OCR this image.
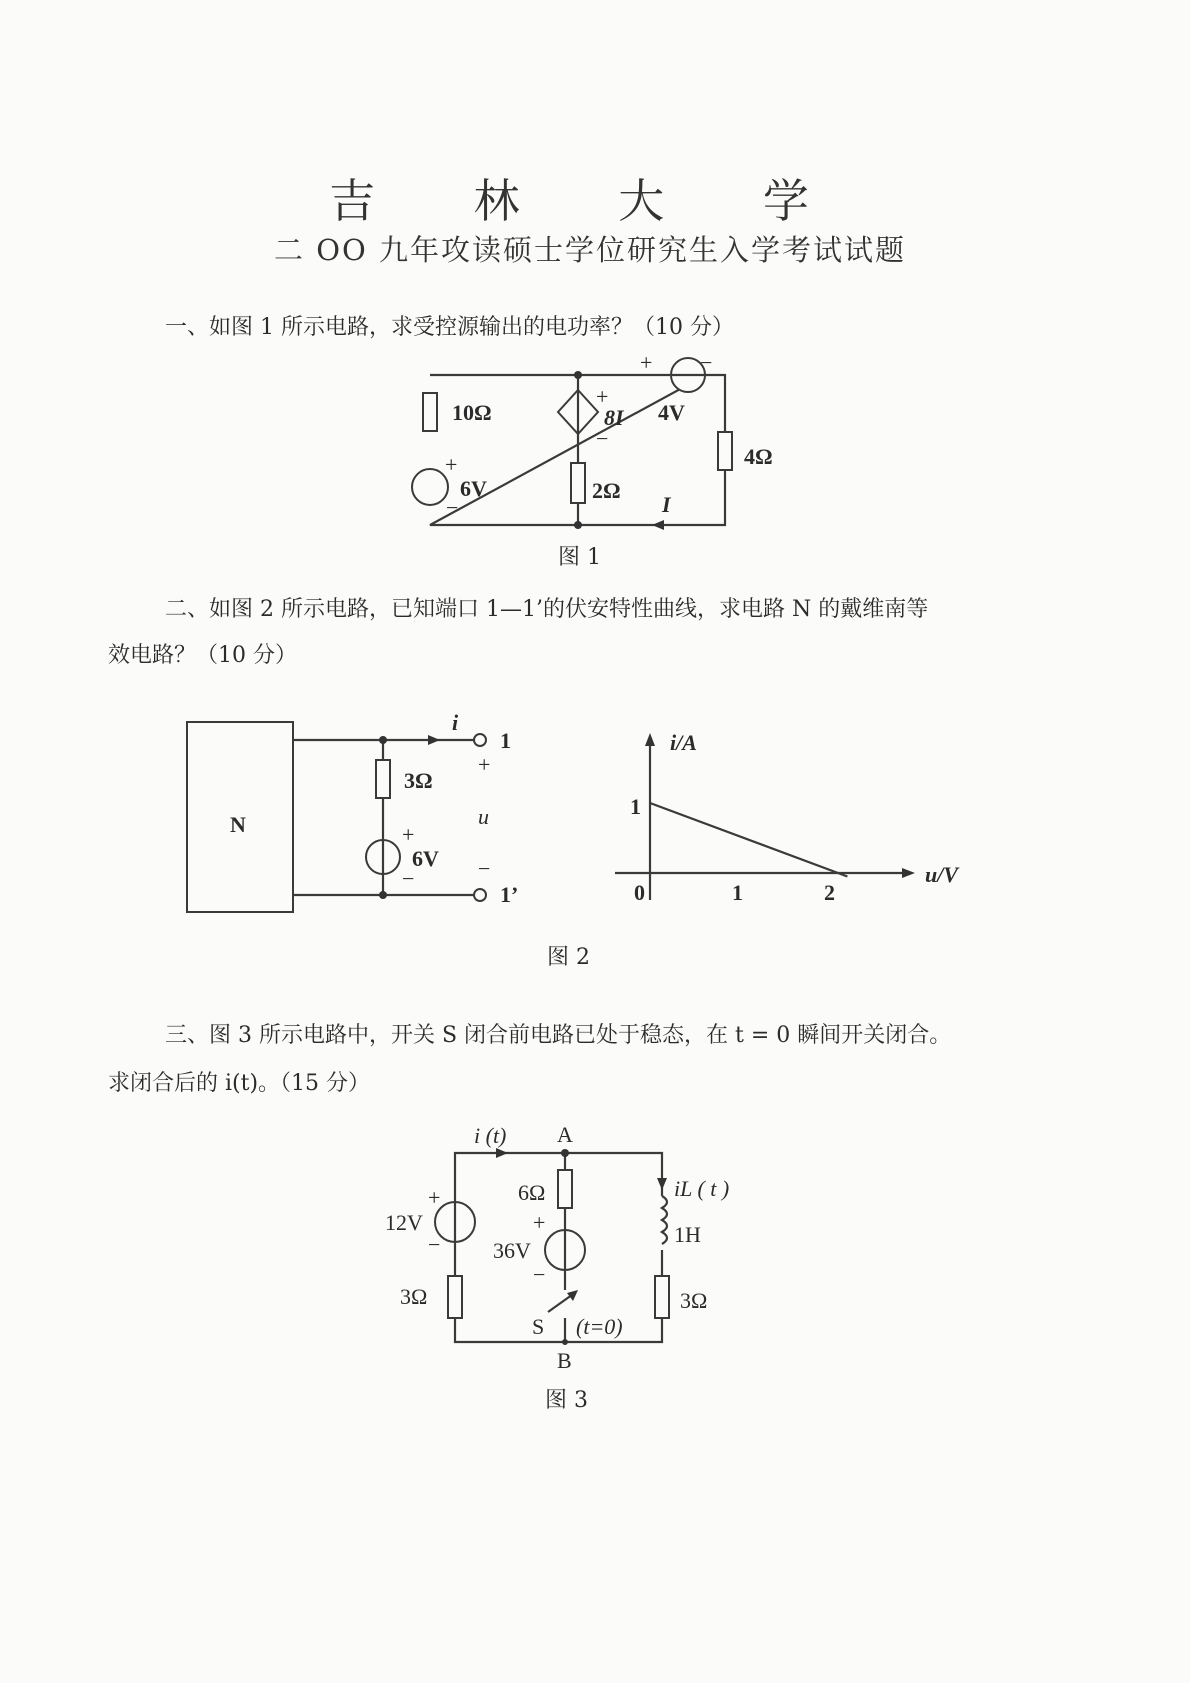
吉 林 大 学
二 OO 九年攻读硕士学位研究生入学考试试题
一、如图 1 所示电路，求受控源输出的电功率？（10 分）
图 1
二、如图 2 所示电路，已知端口 1—1’的伏安特性曲线，求电路 N 的戴维南等
效电路？（10 分）
图 2
三、图 3 所示电路中，开关 S 闭合前电路已处于稳态，在 t = 0 瞬间开关闭合。
求闭合后的 i(t)。（15 分）
图 3
10Ω
+
8I
−
4V
4Ω
+
6V
−
2Ω
I
+ −
N
i
1
+
u
−
1’
3Ω
+
6V
−
i/A
u/V
1
0	1	2
i (t) A
iL ( t )
1H
6Ω
+
36V
−
+
12V
−
3Ω	3Ω
S (t=0)
B
